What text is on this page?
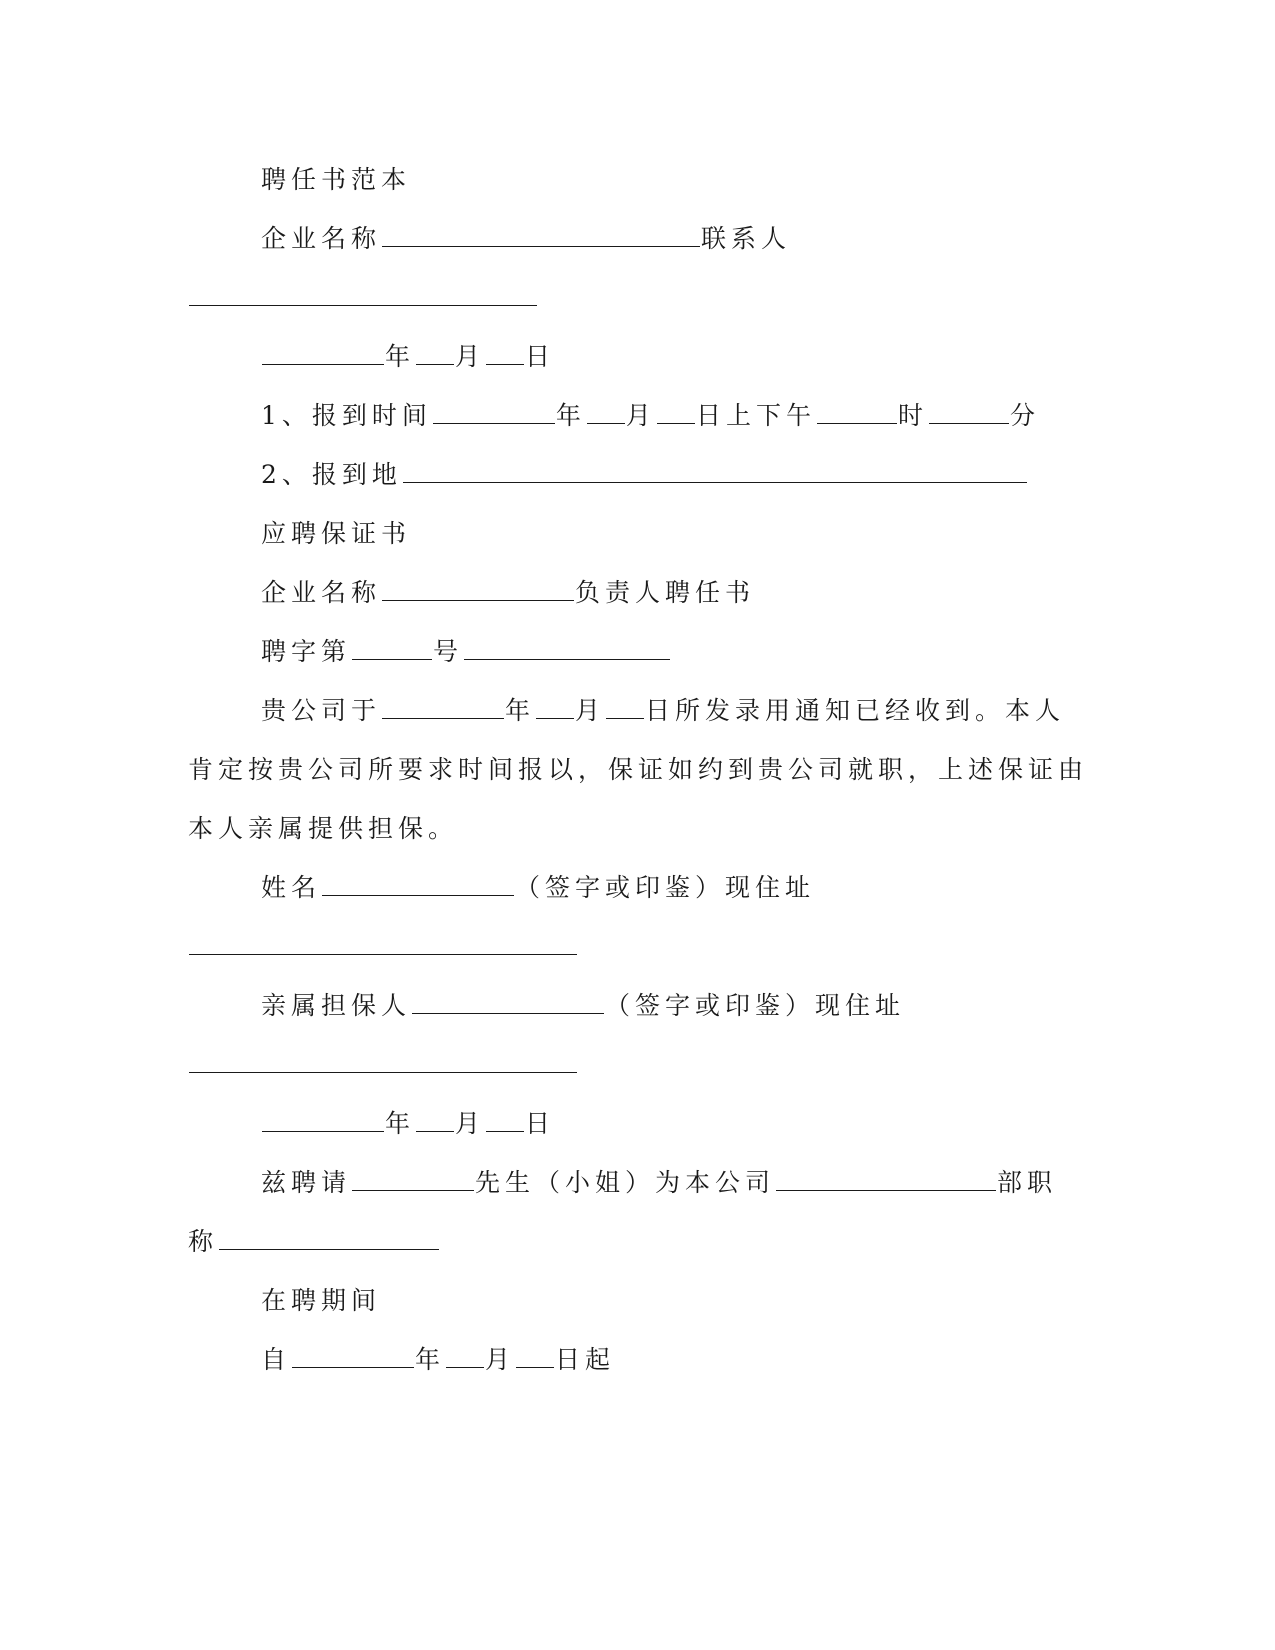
聘任书范本
企业名称	联系人
年 月 日
1、报到时间	年 月 日上下午	时	分
2、报到地
应聘保证书
企业名称	负责人聘任书
聘字第	号
贵公司于	年 月 日所发录用通知已经收到。本人
肯定按贵公司所要求时间报以，保证如约到贵公司就职，上述保证由
本人亲属提供担保。
姓名	（签字或印鉴）现住址
亲属担保人	（签字或印鉴）现住址
年 月 日
兹聘请	先生（小姐）为本公司	部职
称
在聘期间
自	年 月 日起
